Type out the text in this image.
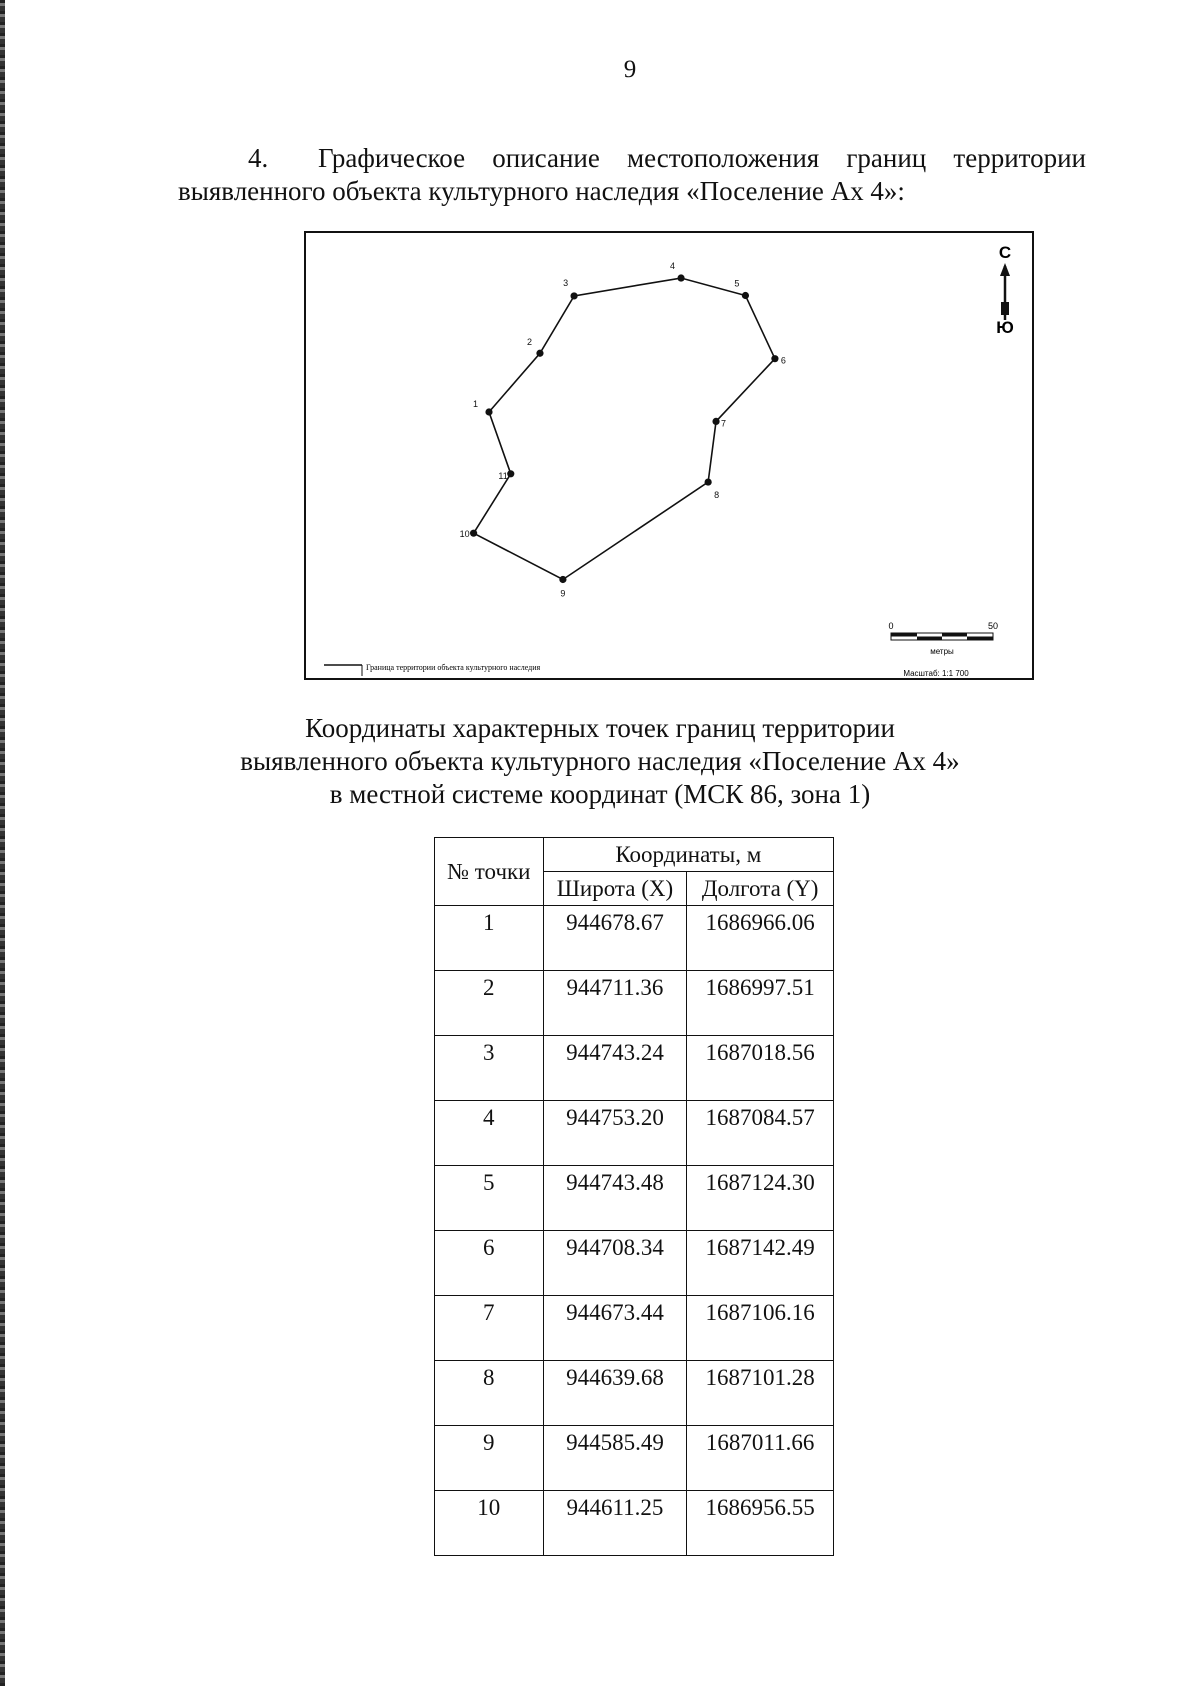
9
4. Графическое описание местоположения границ территории выявленного объекта культурного наследия «Поселение Ах 4»:
1
2
3
4
5
6
7
8
9
10
11
С
Ю
0	50
метры
Масштаб: 1:1 700
Граница территории объекта культурного наследия
Координаты характерных точек границ территории
выявленного объекта культурного наследия «Поселение Ах 4»
в местной системе координат (МСК 86, зона 1)
№ точки	Координаты, м	
	Широта (X)	Долгота (Y)
1	944678.67	1686966.06
2	944711.36	1686997.51
3	944743.24	1687018.56
4	944753.20	1687084.57
5	944743.48	1687124.30
6	944708.34	1687142.49
7	944673.44	1687106.16
8	944639.68	1687101.28
9	944585.49	1687011.66
10	944611.25	1686956.55
